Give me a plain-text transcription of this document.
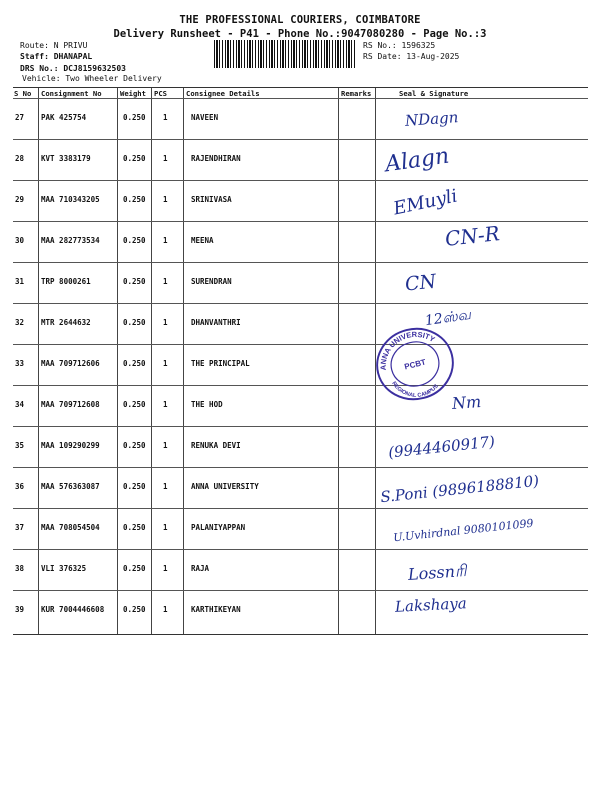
THE PROFESSIONAL COURIERS, COIMBATORE
Delivery Runsheet - P41 - Phone No.:9047080280 - Page No.:3
Route: N PRIVU
Staff: DHANAPAL
DRS No.: DCJ8159632503
Vehicle: Two Wheeler Delivery
RS No.: 1596325
RS Date: 13-Aug-2025
S No Consignment No	Weight PCS	Consignee Details	Remarks	Seal & Signature
27 PAK 425754	0.250 1	NAVEEN
28 KVT 3383179	0.250 1	RAJENDHIRAN
29 MAA 710343205	0.250 1	SRINIVASA
30 MAA 282773534	0.250 1	MEENA
31 TRP 8000261	0.250 1	SURENDRAN
32 MTR 2644632	0.250 1	DHANVANTHRI
33 MAA 709712606	0.250 1	THE PRINCIPAL
34 MAA 709712608	0.250 1	THE HOD
35 MAA 109290299	0.250 1	RENUKA DEVI
36 MAA 576363087	0.250 1	ANNA UNIVERSITY
37 MAA 708054504	0.250 1	PALANIYAPPAN
38 VLI 376325	0.250 1	RAJA
39 KUR 7004446608	0.250 1	KARTHIKEYAN
NDagn
Alagn
EMuyli
CN-R
CN
12ஸ்வ
Nm
(9944460917)
S.Poni (9896188810)
U.Uvhirdnal 9080101099
Lossnரி
Lakshaya
ANNA UNIVERSITY
REGIONAL CAMPUS
PCBT
